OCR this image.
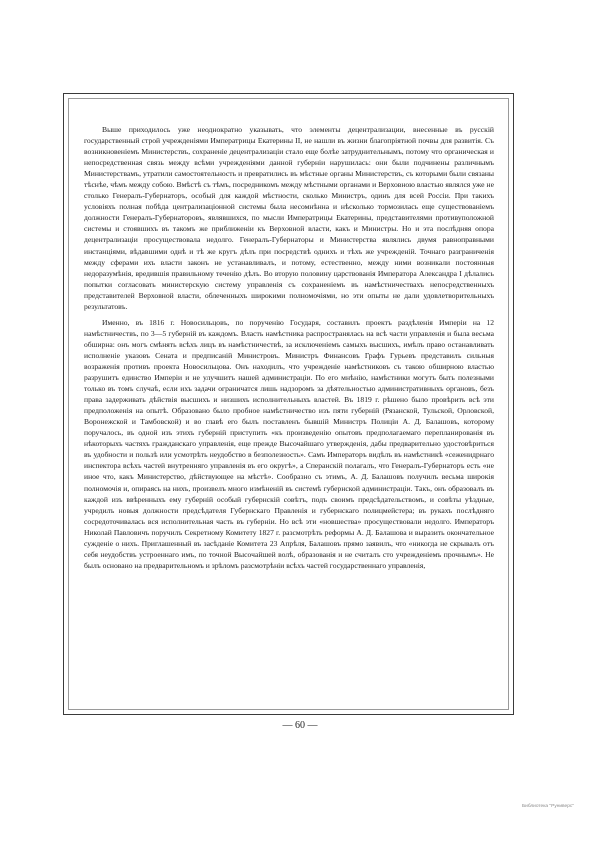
Выше приходилось уже неоднократно указывать, что элементы децентрализации, внесенные въ русскій государственный строй учрежденіями Императрицы Екатерины II, не нашли въ жизни благопріятной почвы для развитія. Съ возникновеніемъ Министерствъ, сохраненіе децентрализаціи стало еще болѣе затруднительнымъ, потому что органическая и непосредственная связь между всѣми учрежденіями данной губерніи нарушилась: они были подчинены различнымъ Министерствамъ, утратили самостоятельность и превратились въ мѣстные органы Министерствъ, съ которыми были связаны тѣснѣе, чѣмъ между собою. Вмѣстѣ съ тѣмъ, посредникомъ между мѣстными органами и Верховною властью являлся уже не столько Генералъ-Губернаторъ, особый для каждой мѣстности, сколько Министръ, одинъ для всей Россіи. При такихъ условіяхъ полная побѣда централизаціонной системы была несомнѣнна и нѣсколько тормозилась еще существованіемъ должности Генералъ-Губернаторовъ, являвшихся, по мысли Императрицы Екатерины, представителями противуположной системы и стоявшихъ въ такомъ же приближеніи къ Верховной власти, какъ и Министры. Но и эта послѣдняя опора децентрализаціи просуществовала недолго. Генералъ-Губернаторы и Министерства являлись двумя равноправными инстанціями, вѣдавшими однѣ и тѣ же кругъ дѣлъ при посредствѣ однихъ и тѣхъ же учрежденій. Точнаго разграниченія между сферами ихъ власти законъ не устанавливалъ, и потому, естественно, между ними возникали постоянныя недоразумѣнія, вредившія правильному теченію дѣлъ. Во вторую половину царствованія Императора Александра I дѣлались попытки согласовать министерскую систему управленія съ сохраненіемъ въ намѣстничествахъ непосредственныхъ представителей Верховной власти, облеченныхъ широкими полномочіями, но эти опыты не дали удовлетворительныхъ результатовъ.

Именно, въ 1816 г. Новосильцовъ, по порученію Государя, составилъ проектъ раздѣленія Имперіи на 12 намѣстничествъ, по 3—5 губерній въ каждомъ. Власть намѣстника распространялась на всѣ части управленія и была весьма обширна: онъ могъ смѣнять всѣхъ лицъ въ намѣстничествѣ, за исключеніемъ самыхъ высшихъ, имѣлъ право останавливать исполненіе указовъ Сената и предписаній Министровъ. Министръ Финансовъ Графъ Гурьевъ представилъ сильныя возраженія противъ проекта Новосильцова. Онъ находилъ, что учрежденіе намѣстниковъ съ такою обширною властью разрушитъ единство Имперіи и не улучшитъ нашей администраціи. По его мнѣнію, намѣстники могутъ быть полезными только въ томъ случаѣ, если ихъ задачи ограничатся лишь надзоромъ за дѣятельностью административныхъ органовъ, безъ права задерживать дѣйствія высшихъ и низшихъ исполнительныхъ властей. Въ 1819 г. рѣшено было провѣрить всѣ эти предположенія на опытѣ. Образовано было пробное намѣстничество изъ пяти губерній (Рязанской, Тульской, Орловской, Воронежской и Тамбовской) и во главѣ его былъ поставленъ бывшій Министръ Полиціи А. Д. Балашовъ, которому поручалось, въ одной изъ этихъ губерній приступить «къ произведенію опытовъ предполагаемаго перепланированія въ нѣкоторыхъ частяхъ гражданскаго управленія, еще прежде Высочайшаго утвержденія, дабы предварительно удостовѣриться въ удобности и пользѣ или усмотрѣть неудобство в безполезность». Самъ Императоръ видѣлъ въ намѣстникѣ «сеженидрнаго инспектора всѣхъ частей внутренняго управленія въ его округѣ», а Сперанскій полагалъ, что Генералъ-Губернаторъ есть «не иное что, какъ Министерство, дѣйствующее на мѣстѣ». Сообразно съ этимъ, А. Д. Балашовъ получилъ весьма широкія полномочія и, опираясь на нихъ, произвелъ много измѣненій въ системѣ губернской администраціи. Такъ, онъ образовалъ въ каждой изъ ввѣренныхъ ему губерній особый губернскій совѣтъ, подъ своимъ предсѣдательствомъ, и совѣты уѣздные, учредилъ новыя должности предсѣдателя Губернскаго Правленія и губернскаго полицмейстера; въ рукахъ послѣдняго сосредоточивалась вся исполнительная часть въ губерніи. Но всѣ эти «новшества» просуществовали недолго. Императоръ Николай Павловичъ поручилъ Секретному Комитету 1827 г. разсмотрѣть реформы А. Д. Балашова и выразить окончательное сужденіе о нихъ. Приглашенный въ засѣданіе Комитета 23 Апрѣля, Балашовъ прямо заявилъ, что «никогда не скрывалъ отъ себя неудобствъ устроеннаго имъ, по точной Высочайшей волѣ, образованія и не считалъ сто учрежденіемъ прочнымъ». Не былъ основано на предварительномъ и зрѣломъ разсмотрѣніи всѣхъ частей государственнаго управленія,

— 60 —
Библиотека "Руниверс"
